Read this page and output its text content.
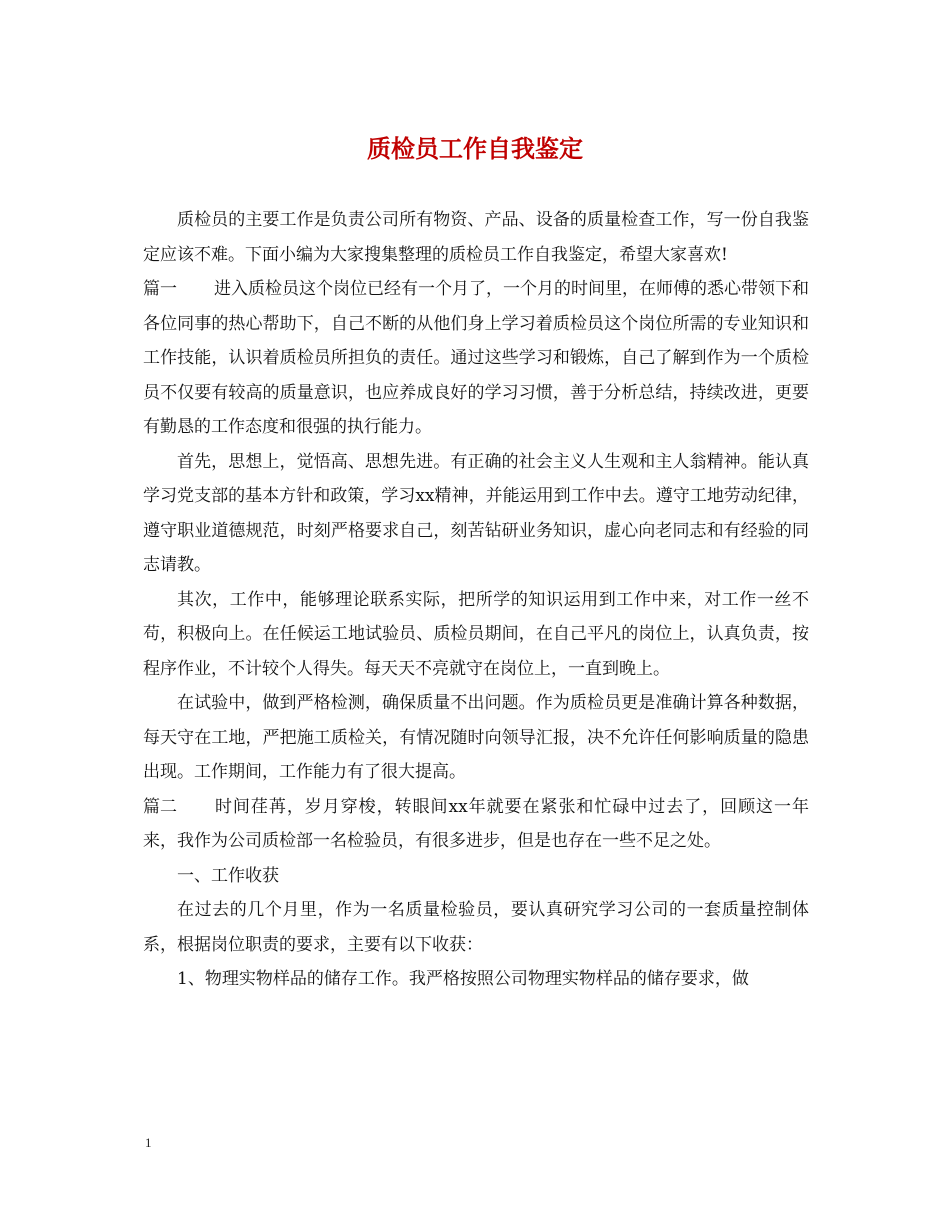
质检员工作自我鉴定

质检员的主要工作是负责公司所有物资、产品、设备的质量检查工作，写一份自我鉴定应该不难。下面小编为大家搜集整理的质检员工作自我鉴定，希望大家喜欢!

篇一 进入质检员这个岗位已经有一个月了，一个月的时间里，在师傅的悉心带领下和各位同事的热心帮助下，自己不断的从他们身上学习着质检员这个岗位所需的专业知识和工作技能，认识着质检员所担负的责任。通过这些学习和锻炼，自己了解到作为一个质检员不仅要有较高的质量意识，也应养成良好的学习习惯，善于分析总结，持续改进，更要有勤恳的工作态度和很强的执行能力。

首先，思想上，觉悟高、思想先进。有正确的社会主义人生观和主人翁精神。能认真学习党支部的基本方针和政策，学习xx精神，并能运用到工作中去。遵守工地劳动纪律，遵守职业道德规范，时刻严格要求自己，刻苦钻研业务知识，虚心向老同志和有经验的同志请教。

其次，工作中，能够理论联系实际，把所学的知识运用到工作中来，对工作一丝不苟，积极向上。在任候运工地试验员、质检员期间，在自己平凡的岗位上，认真负责，按程序作业，不计较个人得失。每天天不亮就守在岗位上，一直到晚上。

在试验中，做到严格检测，确保质量不出问题。作为质检员更是准确计算各种数据，每天守在工地，严把施工质检关，有情况随时向领导汇报，决不允许任何影响质量的隐患出现。工作期间，工作能力有了很大提高。

篇二 时间荏苒，岁月穿梭，转眼间xx年就要在紧张和忙碌中过去了，回顾这一年来，我作为公司质检部一名检验员，有很多进步，但是也存在一些不足之处。

一、工作收获

在过去的几个月里，作为一名质量检验员，要认真研究学习公司的一套质量控制体系，根据岗位职责的要求，主要有以下收获：

1、物理实物样品的储存工作。我严格按照公司物理实物样品的储存要求，做

1
